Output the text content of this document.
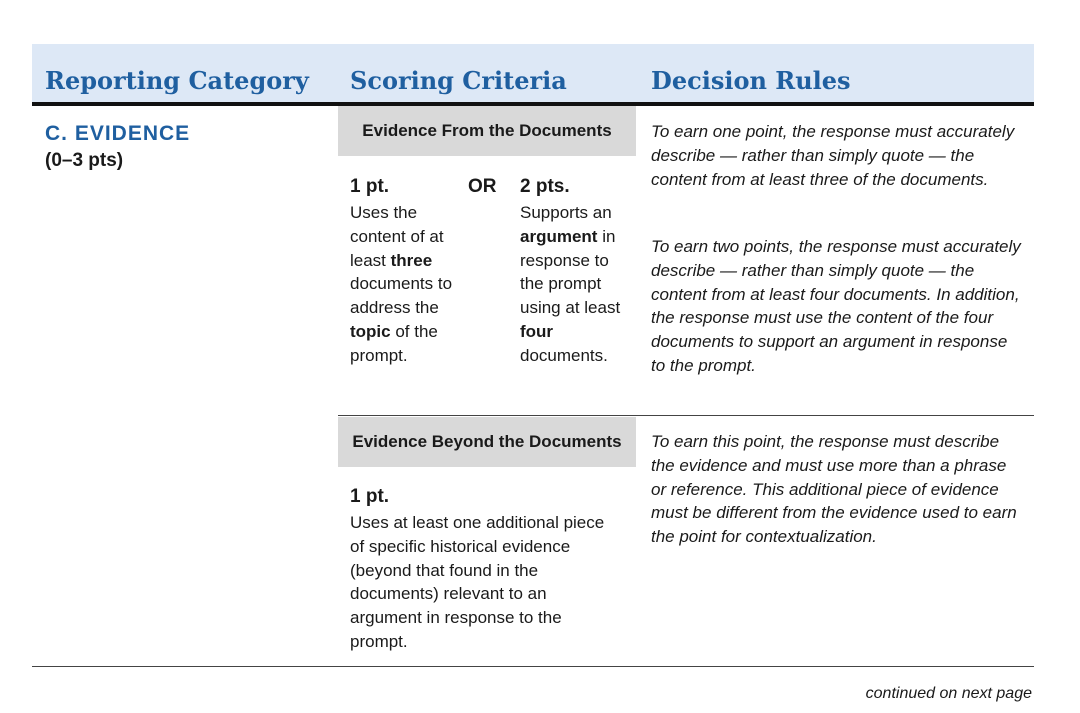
Reporting Category Scoring Criteria	Decision Rules
C. EVIDENCE
(0–3 pts)
Evidence From the Documents
1 pt.
Uses the content of at least three documents to address the topic of the prompt.
OR 2 pts.
Supports an argument in response to the prompt using at least four documents.
To earn one point, the response must accurately describe — rather than simply quote — the content from at least three of the documents.
To earn two points, the response must accurately describe — rather than simply quote — the content from at least four documents. In addition, the response must use the content of the four documents to support an argument in response to the prompt.
Evidence Beyond the Documents
1 pt.
Uses at least one additional piece of specific historical evidence (beyond that found in the documents) relevant to an argument in response to the prompt.
To earn this point, the response must describe the evidence and must use more than a phrase or reference. This additional piece of evidence must be different from the evidence used to earn the point for contextualization.
continued on next page
